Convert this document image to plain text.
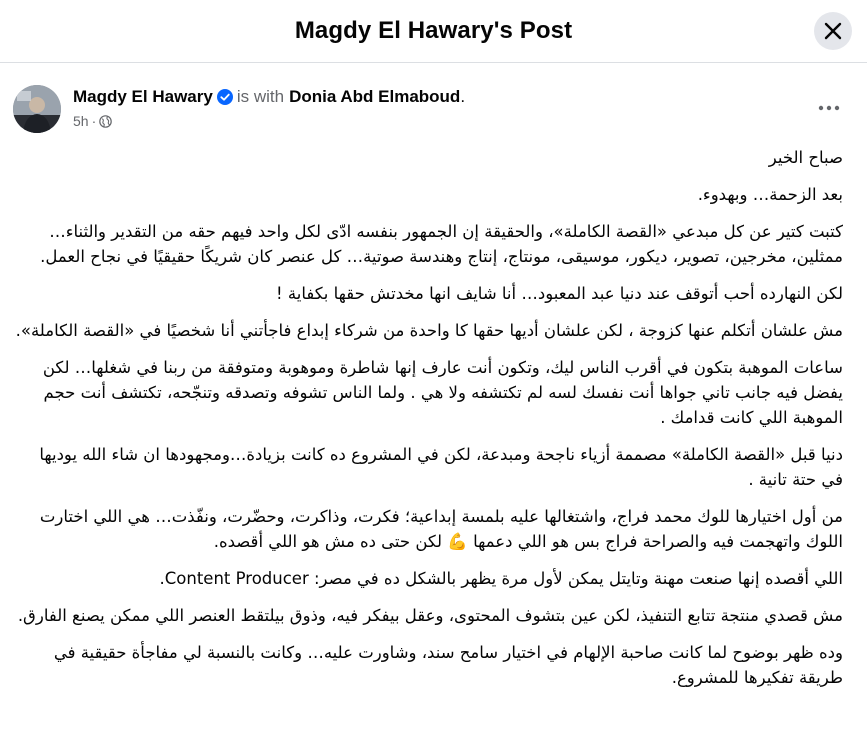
Magdy El Hawary's Post
Magdy El Hawary is with Donia Abd Elmaboud .
5h ·

صباح الخير

بعد الزحمة… وبهدوء.

كتبت كتير عن كل مبدعي «القصة الكاملة»، والحقيقة إن الجمهور بنفسه ادّى لكل واحد فيهم حقه من التقدير والثناء… ممثلين، مخرجين، تصوير، ديكور، موسيقى، مونتاج، إنتاج وهندسة صوتية… كل عنصر كان شريكًا حقيقيًا في نجاح العمل.

لكن النهارده أحب أتوقف عند دنيا عبد المعبود… أنا شايف انها مخدتش حقها بكفاية !

مش علشان أتكلم عنها كزوجة ، لكن علشان أديها حقها كا واحدة من شركاء إبداع فاجأتني أنا شخصيًا في «القصة الكاملة».

ساعات الموهبة بتكون في أقرب الناس ليك، وتكون أنت عارف إنها شاطرة وموهوبة ومتوفقة من ربنا في شغلها… لكن يفضل فيه جانب تاني جواها أنت نفسك لسه لم تكتشفه ولا هي . ولما الناس تشوفه وتصدقه وتنجّحه، تكتشف أنت حجم الموهبة اللي كانت قدامك .

دنيا قبل «القصة الكاملة» مصممة أزياء ناجحة ومبدعة، لكن في المشروع ده كانت بزيادة…ومجهودها ان شاء الله يوديها في حتة تانية .

من أول اختيارها للوك محمد فراج، واشتغالها عليه بلمسة إبداعية؛ فكرت، وذاكرت، وحضّرت، ونفّذت… هي اللي اختارت اللوك واتهجمت فيه والصراحة فراج بس هو اللي دعمها 💪 لكن حتى ده مش هو اللي أقصده.

اللي أقصده إنها صنعت مهنة وتايتل يمكن لأول مرة يظهر بالشكل ده في مصر: Content Producer.

مش قصدي منتجة تتابع التنفيذ، لكن عين بتشوف المحتوى، وعقل بيفكر فيه، وذوق بيلتقط العنصر اللي ممكن يصنع الفارق.

وده ظهر بوضوح لما كانت صاحبة الإلهام في اختيار سامح سند، وشاورت عليه… وكانت بالنسبة لي مفاجأة حقيقية في طريقة تفكيرها للمشروع.
